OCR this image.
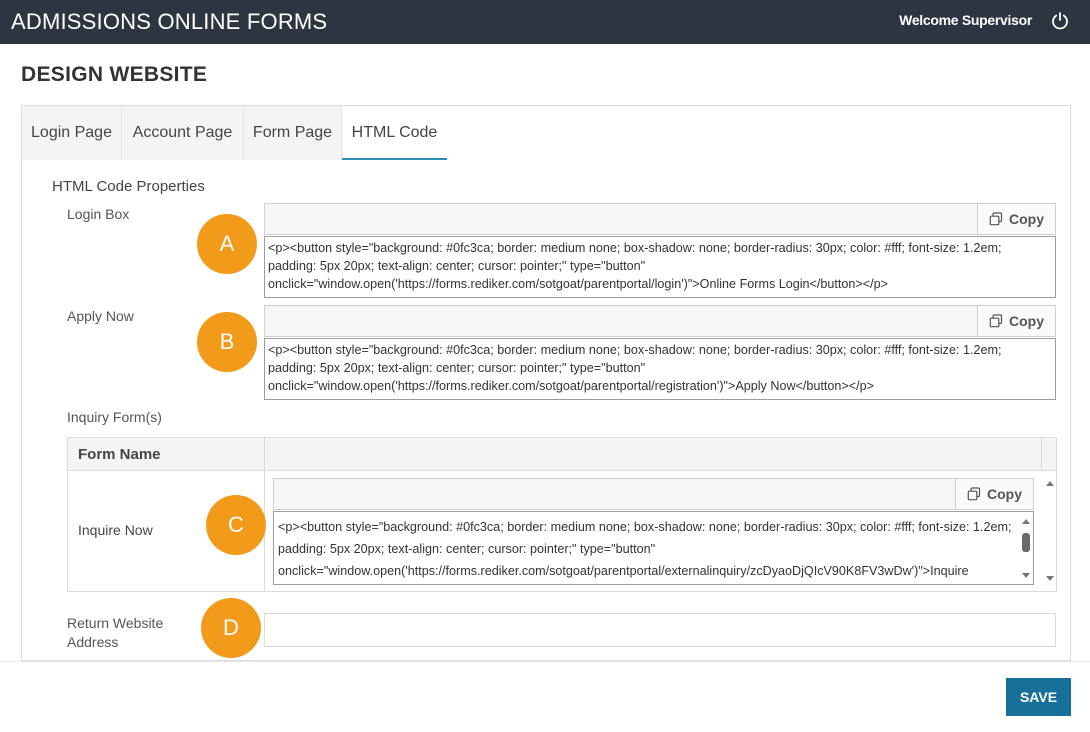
ADMISSIONS ONLINE FORMS	Welcome Supervisor
DESIGN WEBSITE
Login Page	Account Page	Form Page	HTML Code
HTML Code Properties
Login Box
A
Copy
<p><button style="background: #0fc3ca; border: medium none; box-shadow: none; border-radius: 30px; color: #fff; font-size: 1.2em; padding: 5px 20px; text-align: center; cursor: pointer;" type="button" onclick="window.open('https://forms.rediker.com/sotgoat/parentportal/login')">Online Forms Login</button></p>
Apply Now
B
Copy
<p><button style="background: #0fc3ca; border: medium none; box-shadow: none; border-radius: 30px; color: #fff; font-size: 1.2em; padding: 5px 20px; text-align: center; cursor: pointer;" type="button" onclick="window.open('https://forms.rediker.com/sotgoat/parentportal/registration')">Apply Now</button></p>
Inquiry Form(s)
Form Name
Inquire Now	C
Copy
<p><button style="background: #0fc3ca; border: medium none; box-shadow: none; border-radius: 30px; color: #fff; font-size: 1.2em; padding: 5px 20px; text-align: center; cursor: pointer;" type="button" onclick="window.open('https://forms.rediker.com/sotgoat/parentportal/externalinquiry/zcDyaoDjQIcV90K8FV3wDw')">Inquire
Return Website Address
D
SAVE
